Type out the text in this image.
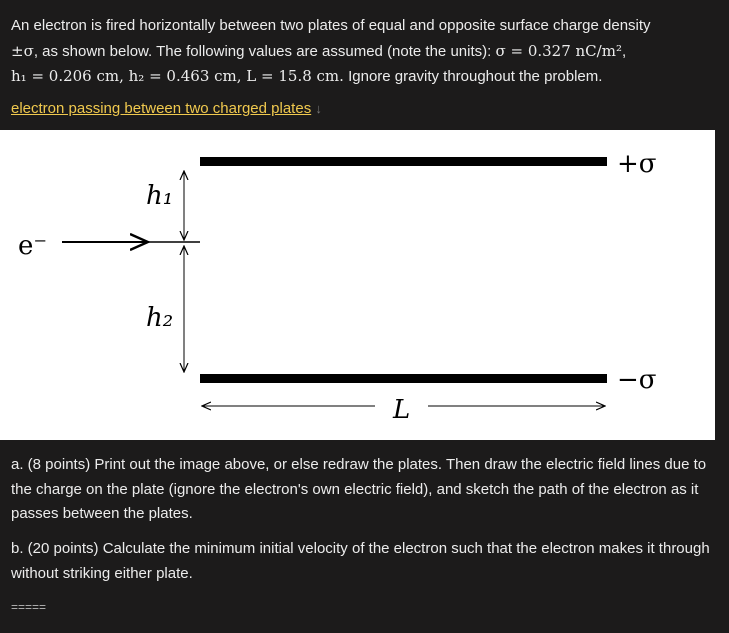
An electron is fired horizontally between two plates of equal and opposite surface charge density
±σ, as shown below. The following values are assumed (note the units): σ = 0.327 nC/m²,
h₁ = 0.206 cm, h₂ = 0.463 cm, L = 15.8 cm. Ignore gravity throughout the problem.

electron passing between two charged plates ↓

e⁻
h₁
h₂
L
+σ
−σ

a. (8 points) Print out the image above, or else redraw the plates. Then draw the electric field lines due to the charge on the plate (ignore the electron's own electric field), and sketch the path of the electron as it passes between the plates.

b. (20 points) Calculate the minimum initial velocity of the electron such that the electron makes it through without striking either plate.

=====
